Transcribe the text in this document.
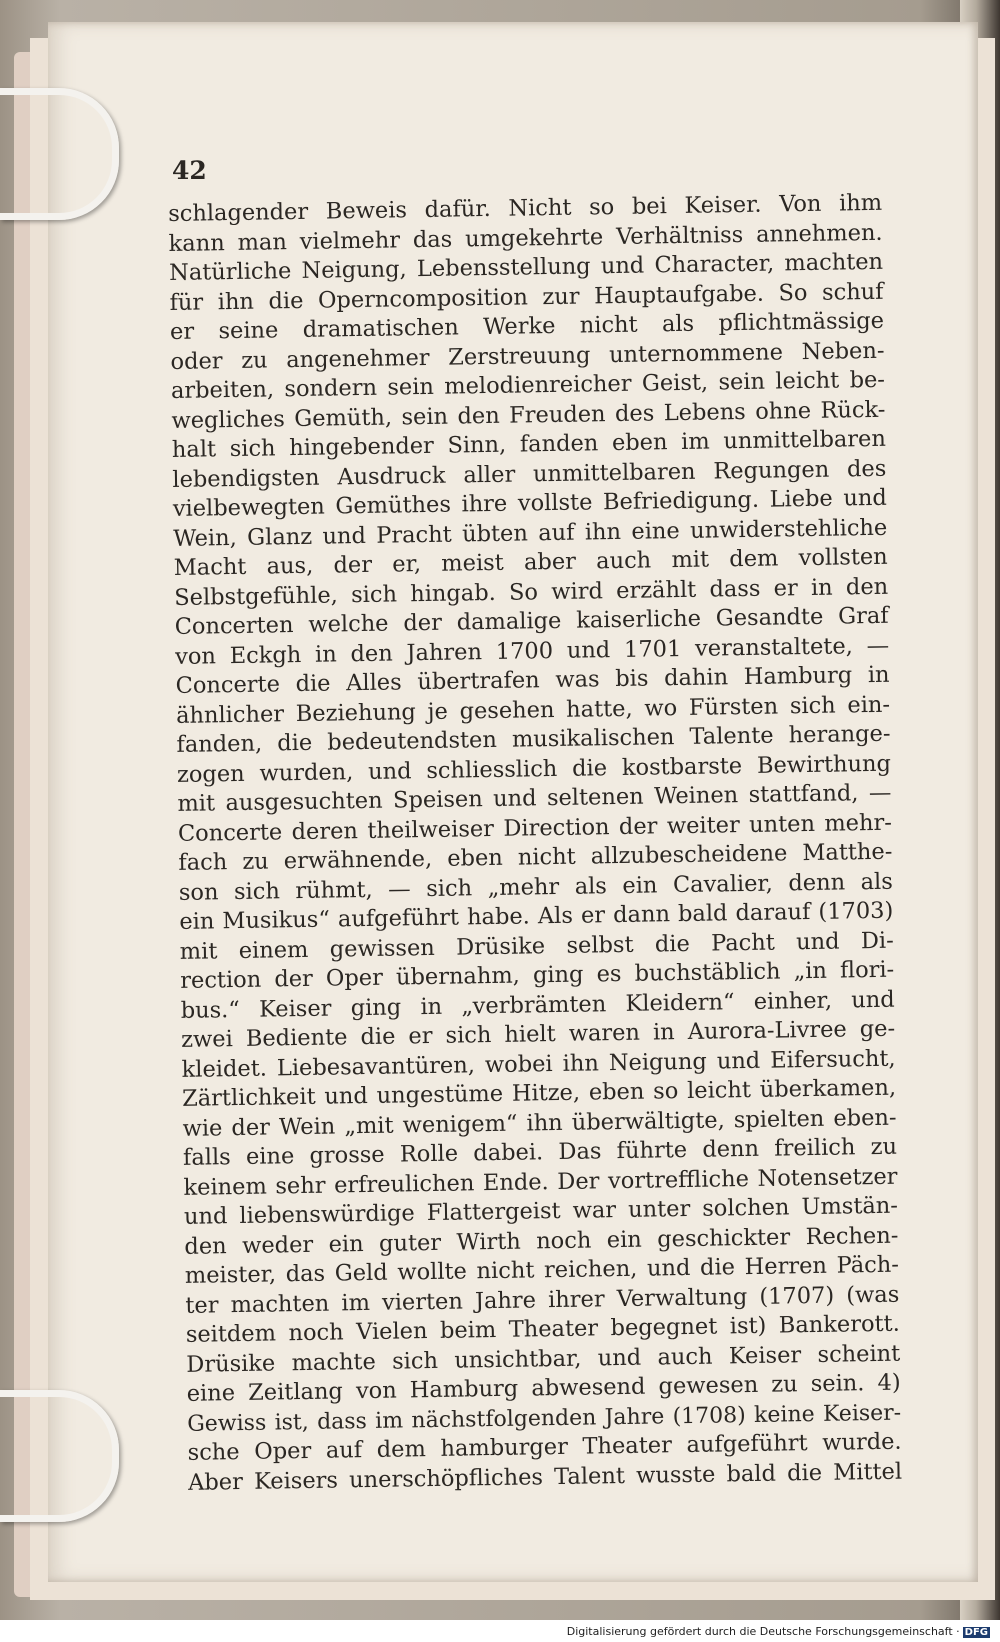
42
schlagender Beweis dafür. Nicht so bei Keiser. Von ihm
kann man vielmehr das umgekehrte Verhältniss annehmen.
Natürliche Neigung, Lebensstellung und Character, machten
für ihn die Operncomposition zur Hauptaufgabe. So schuf
er seine dramatischen Werke nicht als pflichtmässige
oder zu angenehmer Zerstreuung unternommene Neben-
arbeiten, sondern sein melodienreicher Geist, sein leicht be-
wegliches Gemüth, sein den Freuden des Lebens ohne Rück-
halt sich hingebender Sinn, fanden eben im unmittelbaren
lebendigsten Ausdruck aller unmittelbaren Regungen des
vielbewegten Gemüthes ihre vollste Befriedigung. Liebe und
Wein, Glanz und Pracht übten auf ihn eine unwiderstehliche
Macht aus, der er, meist aber auch mit dem vollsten
Selbstgefühle, sich hingab. So wird erzählt dass er in den
Concerten welche der damalige kaiserliche Gesandte Graf
von Eckgh in den Jahren 1700 und 1701 veranstaltete, —
Concerte die Alles übertrafen was bis dahin Hamburg in
ähnlicher Beziehung je gesehen hatte, wo Fürsten sich ein-
fanden, die bedeutendsten musikalischen Talente herange-
zogen wurden, und schliesslich die kostbarste Bewirthung
mit ausgesuchten Speisen und seltenen Weinen stattfand, —
Concerte deren theilweiser Direction der weiter unten mehr-
fach zu erwähnende, eben nicht allzubescheidene Matthe-
son sich rühmt, — sich „mehr als ein Cavalier, denn als
ein Musikus“ aufgeführt habe. Als er dann bald darauf (1703)
mit einem gewissen Drüsike selbst die Pacht und Di-
rection der Oper übernahm, ging es buchstäblich „in flori-
bus.“ Keiser ging in „verbrämten Kleidern“ einher, und
zwei Bediente die er sich hielt waren in Aurora-Livree ge-
kleidet. Liebesavantüren, wobei ihn Neigung und Eifersucht,
Zärtlichkeit und ungestüme Hitze, eben so leicht überkamen,
wie der Wein „mit wenigem“ ihn überwältigte, spielten eben-
falls eine grosse Rolle dabei. Das führte denn freilich zu
keinem sehr erfreulichen Ende. Der vortreffliche Notensetzer
und liebenswürdige Flattergeist war unter solchen Umstän-
den weder ein guter Wirth noch ein geschickter Rechen-
meister, das Geld wollte nicht reichen, und die Herren Päch-
ter machten im vierten Jahre ihrer Verwaltung (1707) (was
seitdem noch Vielen beim Theater begegnet ist) Bankerott.
Drüsike machte sich unsichtbar, und auch Keiser scheint
eine Zeitlang von Hamburg abwesend gewesen zu sein. 4)
Gewiss ist, dass im nächstfolgenden Jahre (1708) keine Keiser-
sche Oper auf dem hamburger Theater aufgeführt wurde.
Aber Keisers unerschöpfliches Talent wusste bald die Mittel
Digitalisierung gefördert durch die Deutsche Forschungsgemeinschaft · DFG
